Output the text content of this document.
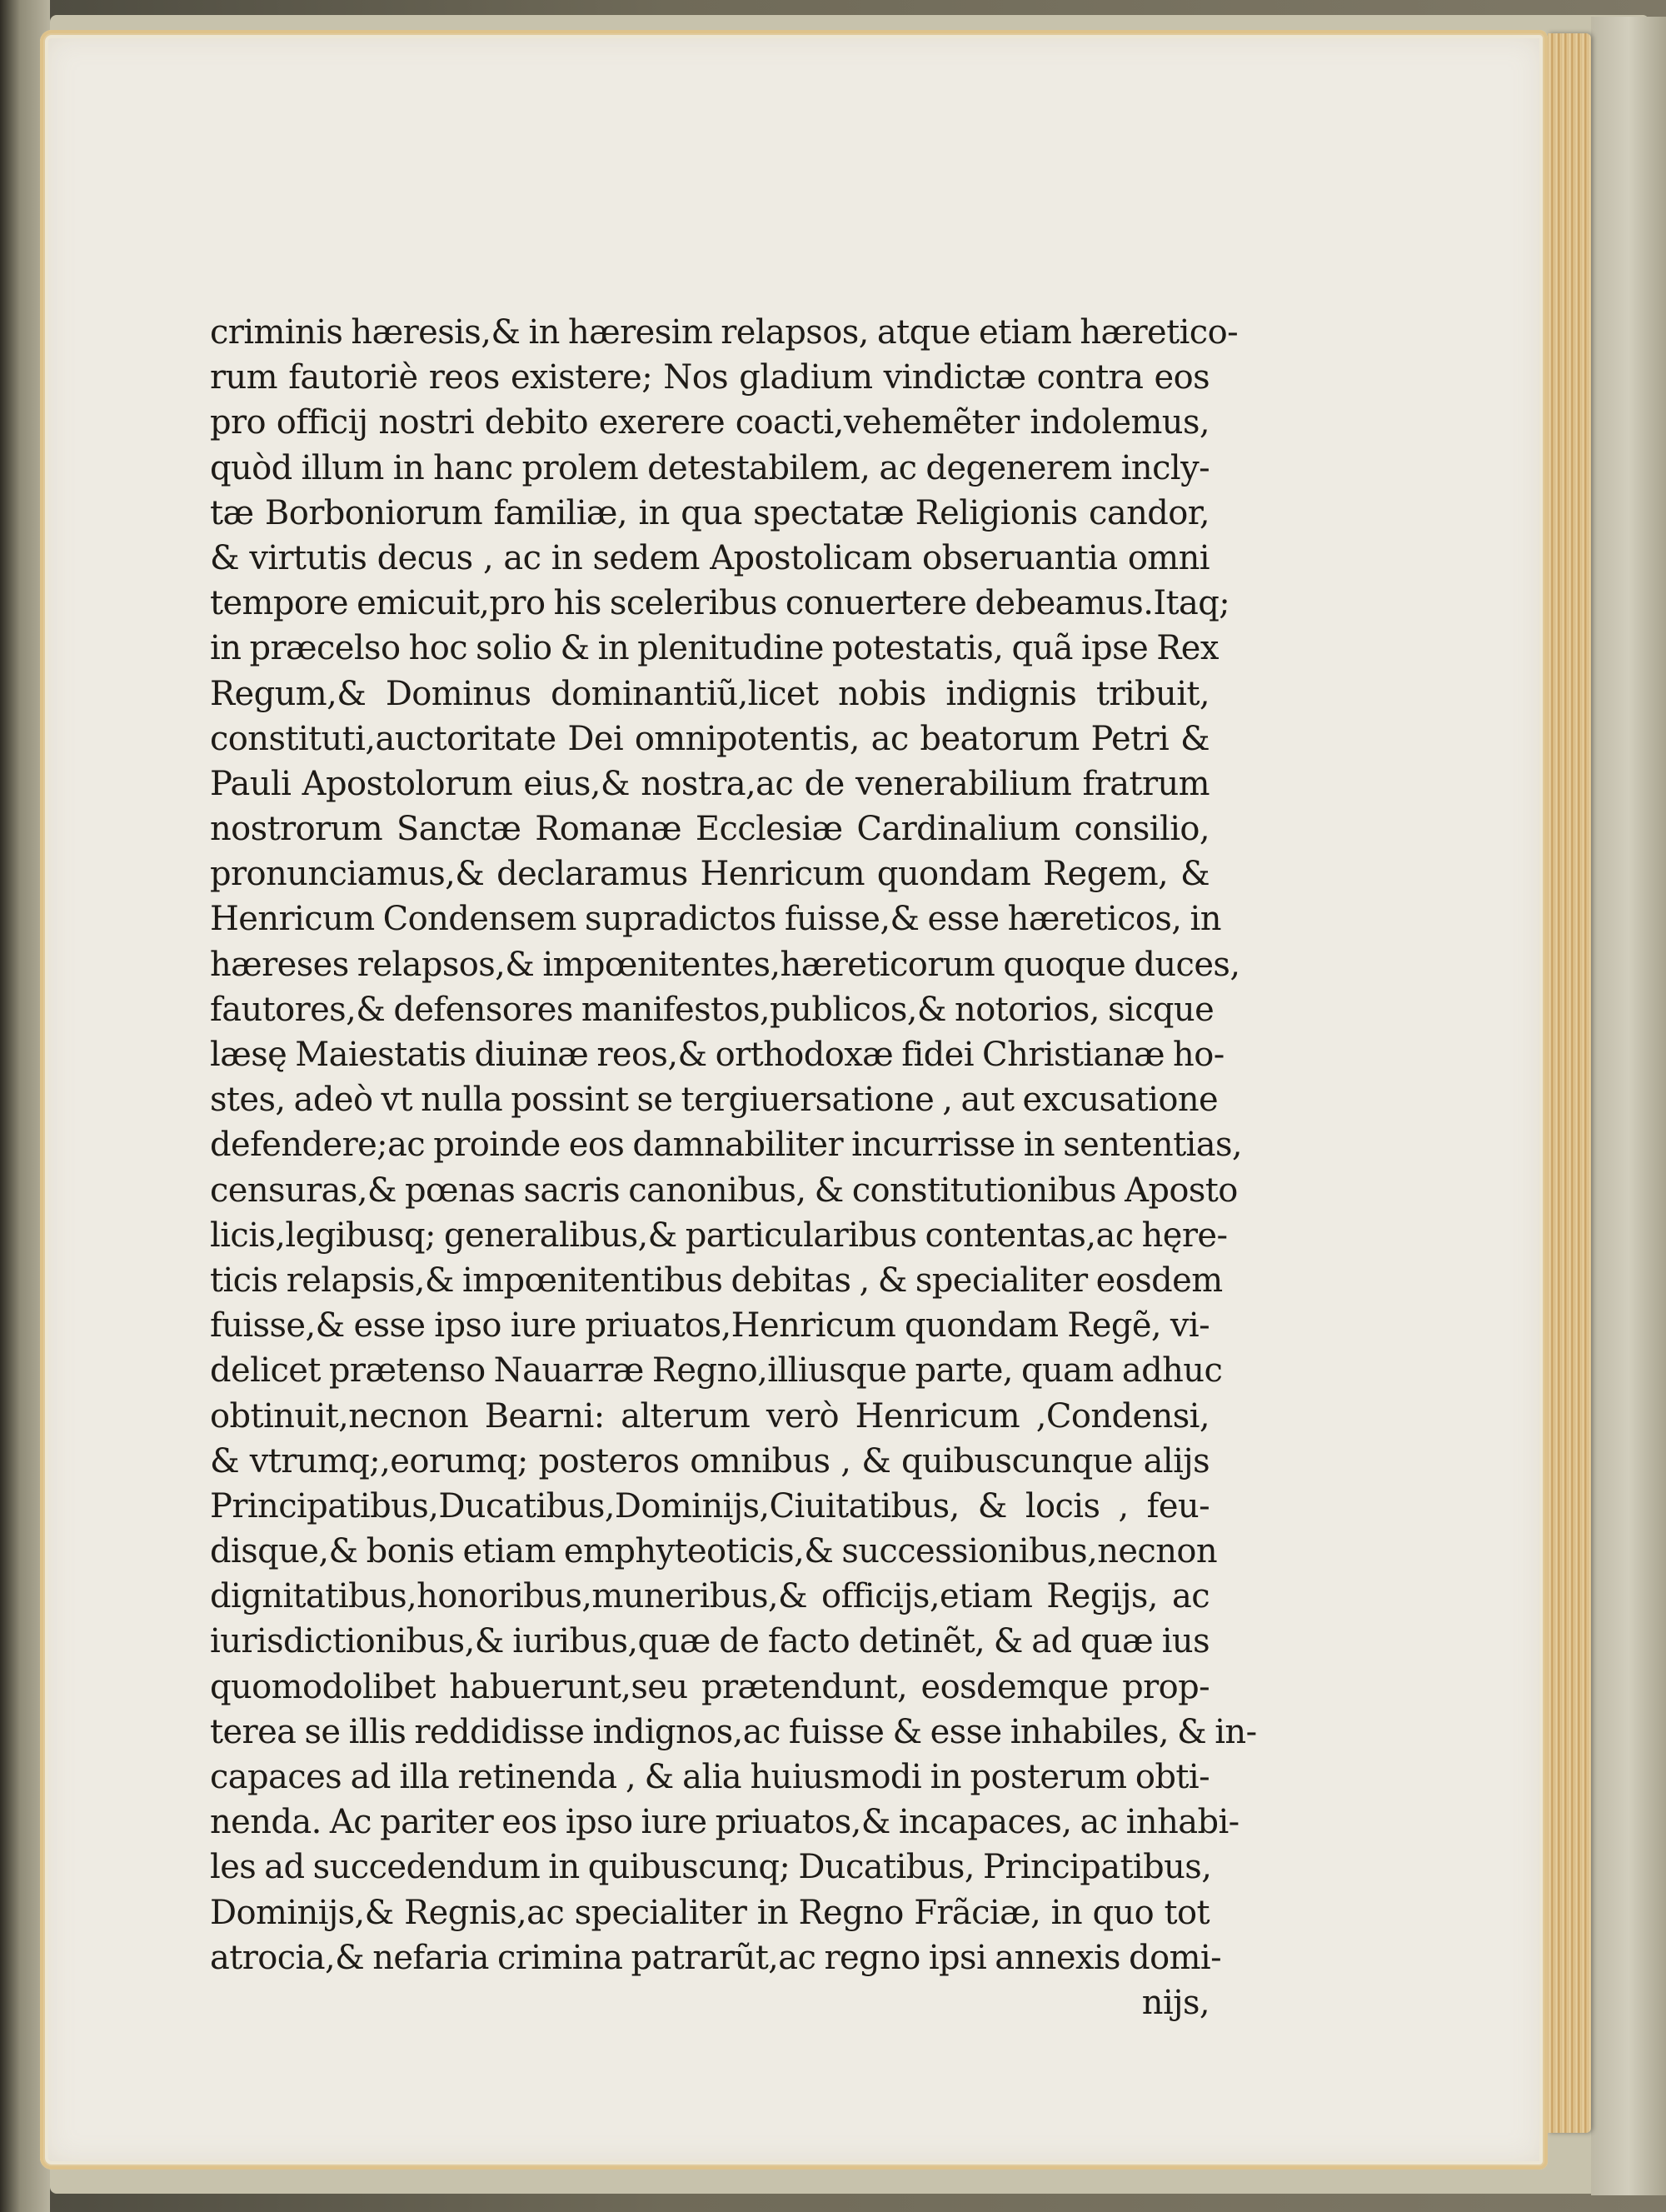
criminis hæresis,& in hæresim relapsos, atque etiam hæretico-
rum fautoriè reos existere; Nos gladium vindictæ contra eos
pro officij nostri debito exerere coacti,vehemẽter indolemus,
quòd illum in hanc prolem detestabilem, ac degenerem incly-
tæ Borboniorum familiæ, in qua spectatæ Religionis candor,
& virtutis decus , ac in sedem Apostolicam obseruantia omni
tempore emicuit,pro his sceleribus conuertere debeamus.Itaq;
in præcelso hoc solio & in plenitudine potestatis, quã ipse Rex
Regum,& Dominus dominantiũ,licet nobis indignis tribuit,
constituti,auctoritate Dei omnipotentis, ac beatorum Petri &
Pauli Apostolorum eius,& nostra,ac de venerabilium fratrum
nostrorum Sanctæ Romanæ Ecclesiæ Cardinalium consilio,
pronunciamus,& declaramus Henricum quondam Regem, &
Henricum Condensem supradictos fuisse,& esse hæreticos, in
hæreses relapsos,& impœnitentes,hæreticorum quoque duces,
fautores,& defensores manifestos,publicos,& notorios, sicque
læsę Maiestatis diuinæ reos,& orthodoxæ fidei Christianæ ho-
stes, adeò vt nulla possint se tergiuersatione , aut excusatione
defendere;ac proinde eos damnabiliter incurrisse in sententias,
censuras,& pœnas sacris canonibus, & constitutionibus Aposto
licis,legibusq; generalibus,& particularibus contentas,ac hęre-
ticis relapsis,& impœnitentibus debitas , & specialiter eosdem
fuisse,& esse ipso iure priuatos,Henricum quondam Regẽ, vi-
delicet prætenso Nauarræ Regno,illiusque parte, quam adhuc
obtinuit,necnon Bearni: alterum verò Henricum ,Condensi,
& vtrumq;,eorumq; posteros omnibus , & quibuscunque alijs
Principatibus,Ducatibus,Dominijs,Ciuitatibus, & locis , feu-
disque,& bonis etiam emphyteoticis,& successionibus,necnon
dignitatibus,honoribus,muneribus,& officijs,etiam Regijs, ac
iurisdictionibus,& iuribus,quæ de facto detinẽt, & ad quæ ius
quomodolibet habuerunt,seu prætendunt, eosdemque prop-
terea se illis reddidisse indignos,ac fuisse & esse inhabiles, & in-
capaces ad illa retinenda , & alia huiusmodi in posterum obti-
nenda. Ac pariter eos ipso iure priuatos,& incapaces, ac inhabi-
les ad succedendum in quibuscunq; Ducatibus, Principatibus,
Dominijs,& Regnis,ac specialiter in Regno Frãciæ, in quo tot
atrocia,& nefaria crimina patrarũt,ac regno ipsi annexis domi-
nijs,
